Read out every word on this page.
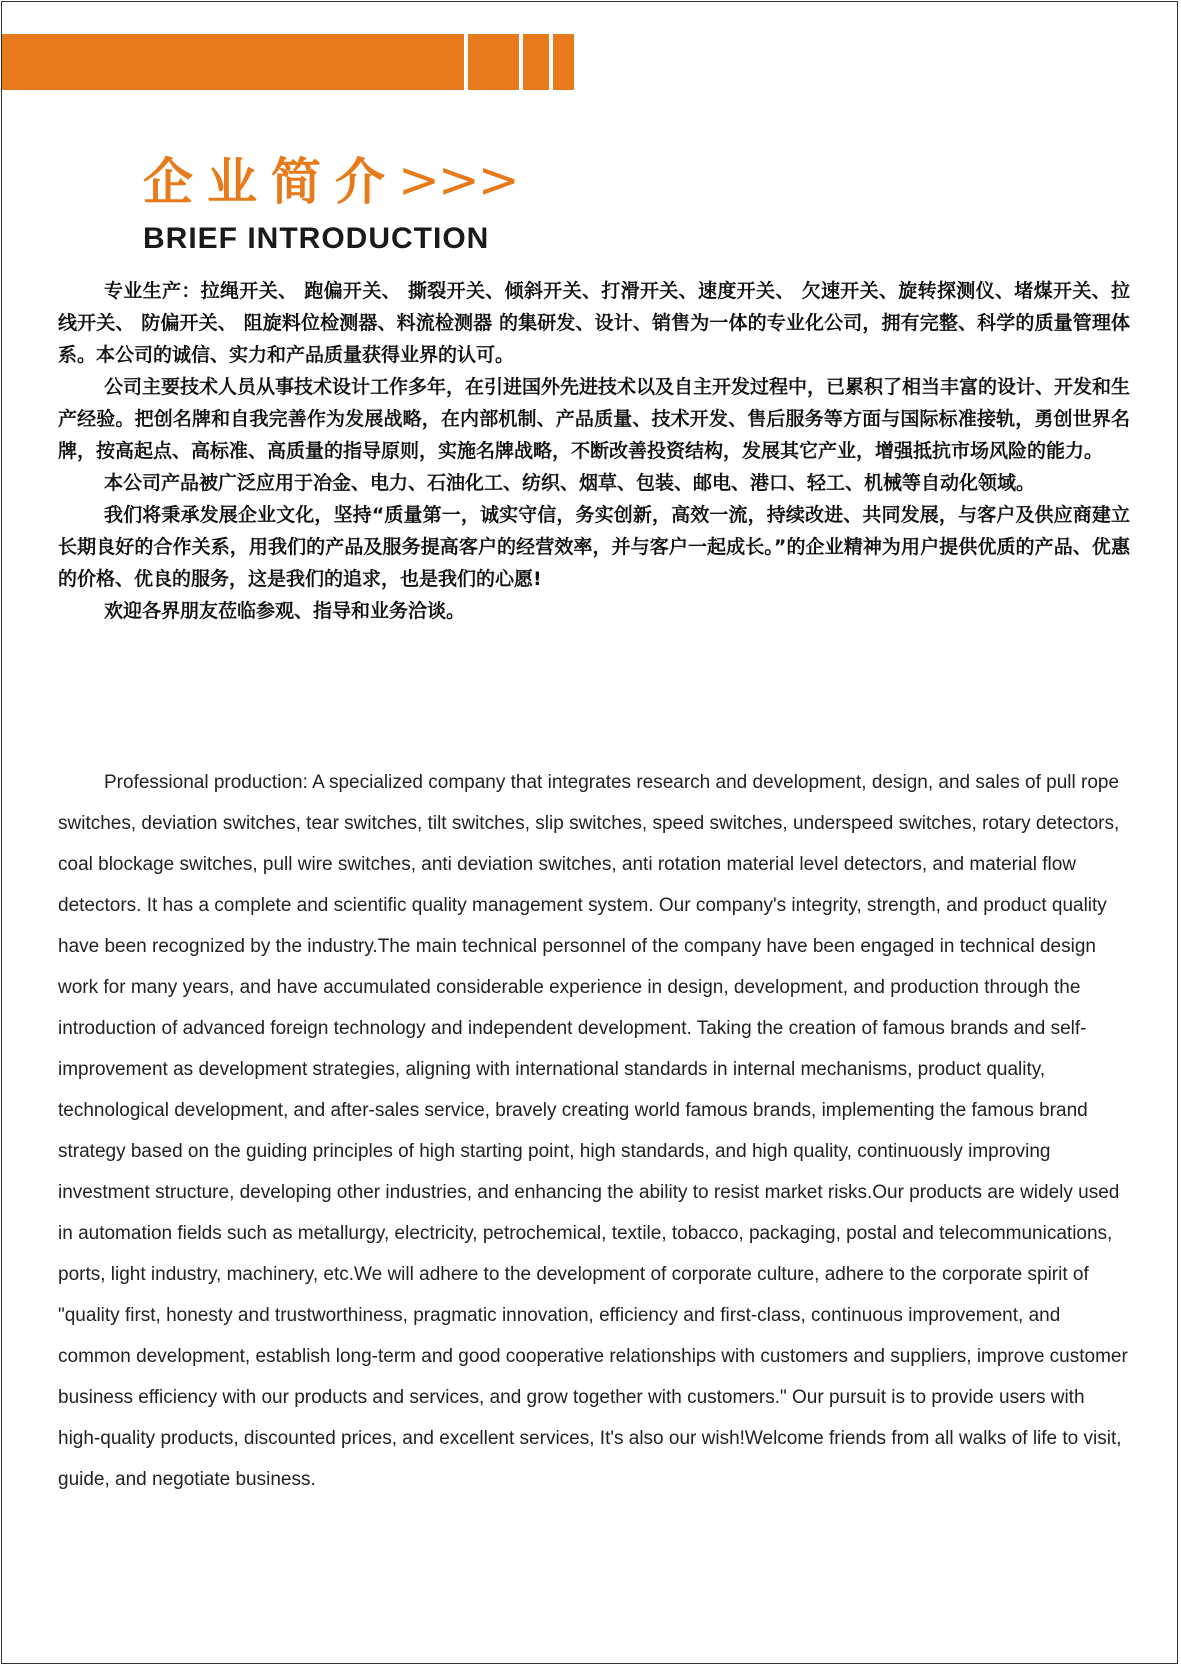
企业简介 >>>
BRIEF INTRODUCTION

专业生产：拉绳开关、 跑偏开关、 撕裂开关、倾斜开关、打滑开关、速度开关、 欠速开关、旋转探测仪、堵煤开关、拉线开关、 防偏开关、 阻旋料位检测器、料流检测器 的集研发、设计、销售为一体的专业化公司，拥有完整、科学的质量管理体系。本公司的诚信、实力和产品质量获得业界的认可。

公司主要技术人员从事技术设计工作多年，在引进国外先进技术以及自主开发过程中，已累积了相当丰富的设计、开发和生产经验。把创名牌和自我完善作为发展战略，在内部机制、产品质量、技术开发、售后服务等方面与国际标准接轨，勇创世界名牌，按高起点、高标准、高质量的指导原则，实施名牌战略，不断改善投资结构，发展其它产业，增强抵抗市场风险的能力。

本公司产品被广泛应用于冶金、电力、石油化工、纺织、烟草、包装、邮电、港口、轻工、机械等自动化领域。

我们将秉承发展企业文化，坚持“质量第一，诚实守信，务实创新，高效一流，持续改进、共同发展，与客户及供应商建立长期良好的合作关系，用我们的产品及服务提高客户的经营效率，并与客户一起成长。”的企业精神为用户提供优质的产品、优惠的价格、优良的服务，这是我们的追求，也是我们的心愿!

欢迎各界朋友莅临参观、指导和业务洽谈。

Professional production: A specialized company that integrates research and development, design, and sales of pull rope switches, deviation switches, tear switches, tilt switches, slip switches, speed switches, underspeed switches, rotary detectors, coal blockage switches, pull wire switches, anti deviation switches, anti rotation material level detectors, and material flow detectors. It has a complete and scientific quality management system. Our company's integrity, strength, and product quality have been recognized by the industry.The main technical personnel of the company have been engaged in technical design work for many years, and have accumulated considerable experience in design, development, and production through the introduction of advanced foreign technology and independent development. Taking the creation of famous brands and self-improvement as development strategies, aligning with international standards in internal mechanisms, product quality, technological development, and after-sales service, bravely creating world famous brands, implementing the famous brand strategy based on the guiding principles of high starting point, high standards, and high quality, continuously improving investment structure, developing other industries, and enhancing the ability to resist market risks.Our products are widely used in automation fields such as metallurgy, electricity, petrochemical, textile, tobacco, packaging, postal and telecommunications, ports, light industry, machinery, etc.We will adhere to the development of corporate culture, adhere to the corporate spirit of "quality first, honesty and trustworthiness, pragmatic innovation, efficiency and first-class, continuous improvement, and common development, establish long-term and good cooperative relationships with customers and suppliers, improve customer business efficiency with our products and services, and grow together with customers." Our pursuit is to provide users with high-quality products, discounted prices, and excellent services, It's also our wish!Welcome friends from all walks of life to visit, guide, and negotiate business.
